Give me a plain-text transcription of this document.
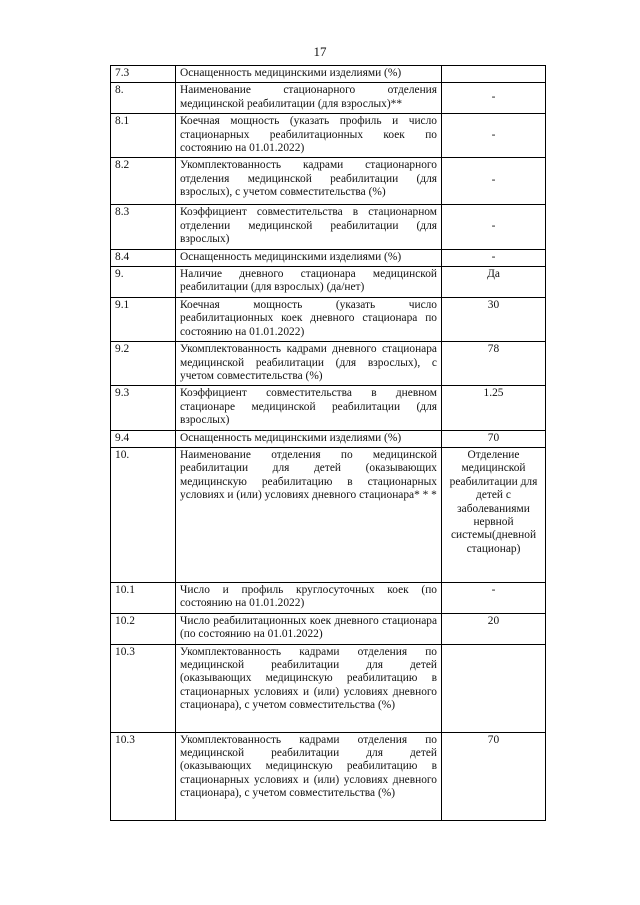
17
7.3	Оснащенность медицинскими изделиями (%)	
8.	Наименование стационарного отделения медицинской реабилитации (для взрослых)**	-
8.1	Коечная мощность (указать профиль и число стационарных реабилитационных коек по состоянию на 01.01.2022)	-
8.2	Укомплектованность кадрами стационарного отделения медицинской реабилитации (для взрослых), с учетом совместительства (%)	-
8.3	Коэффициент совместительства в стационарном отделении медицинской реабилитации (для взрослых)	-
8.4	Оснащенность медицинскими изделиями (%)	-
9.	Наличие дневного стационара медицинской реабилитации (для взрослых) (да/нет)	Да
9.1	Коечная мощность (указать число реабилитационных коек дневного стационара по состоянию на 01.01.2022)	30
9.2	Укомплектованность кадрами дневного стационара медицинской реабилитации (для взрослых), с учетом совместительства (%)	78
9.3	Коэффициент совместительства в дневном стационаре медицинской реабилитации (для взрослых)	1.25
9.4	Оснащенность медицинскими изделиями (%)	70
10.	Наименование отделения по медицинской реабилитации для детей (оказывающих медицинскую реабилитацию в стационарных условиях и (или) условиях дневного стационара* * *	Отделение медицинской реабилитации для детей с заболеваниями нервной системы(дневной стационар)
10.1	Число и профиль круглосуточных коек (по состоянию на 01.01.2022)	-
10.2	Число реабилитационных коек дневного стационара (по состоянию на 01.01.2022)	20
10.3	Укомплектованность кадрами отделения по медицинской реабилитации для детей (оказывающих медицинскую реабилитацию в стационарных условиях и (или) условиях дневного стационара), с учетом совместительства (%)	
10.3	Укомплектованность кадрами отделения по медицинской реабилитации для детей (оказывающих медицинскую реабилитацию в стационарных условиях и (или) условиях дневного стационара), с учетом совместительства (%)	70
